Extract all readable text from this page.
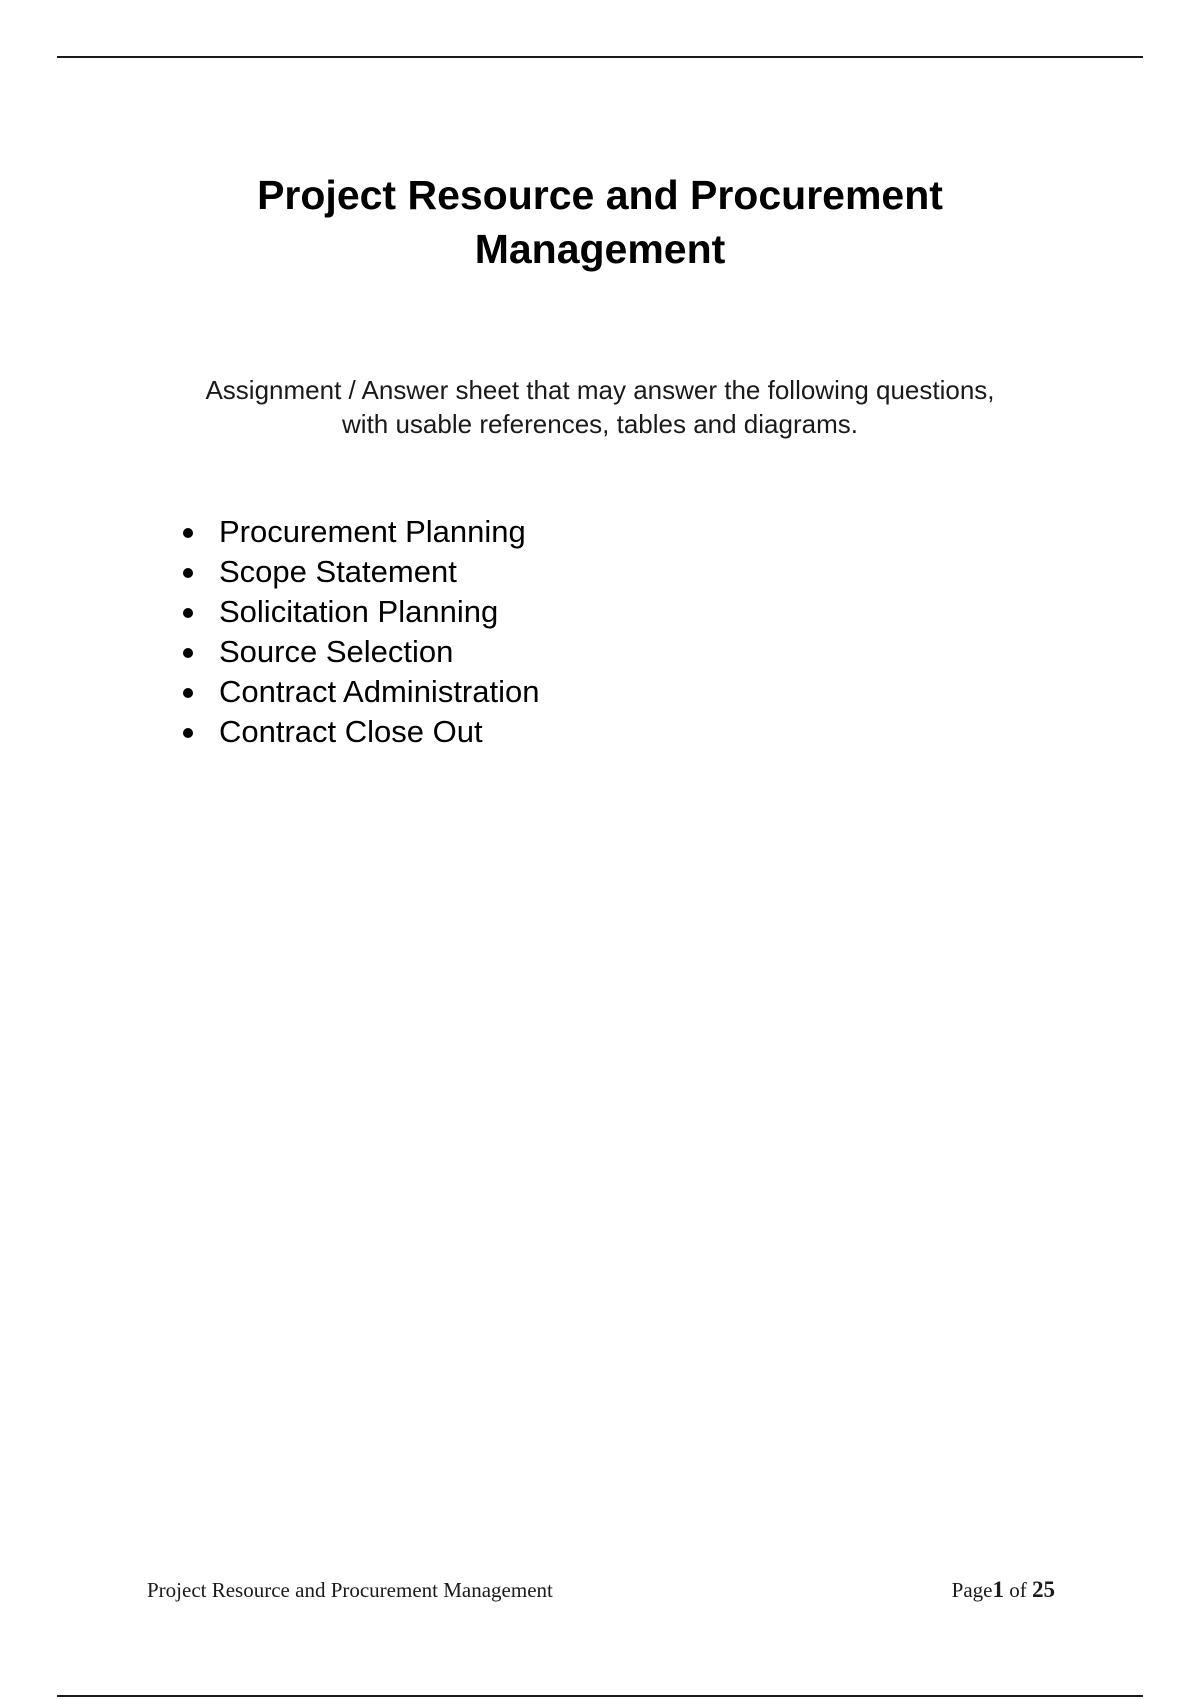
Project Resource and Procurement
Management
Assignment / Answer sheet that may answer the following questions,
with usable references, tables and diagrams.
Procurement Planning
Scope Statement
Solicitation Planning
Source Selection
Contract Administration
Contract Close Out
Project Resource and Procurement Management	Page1 of 25
